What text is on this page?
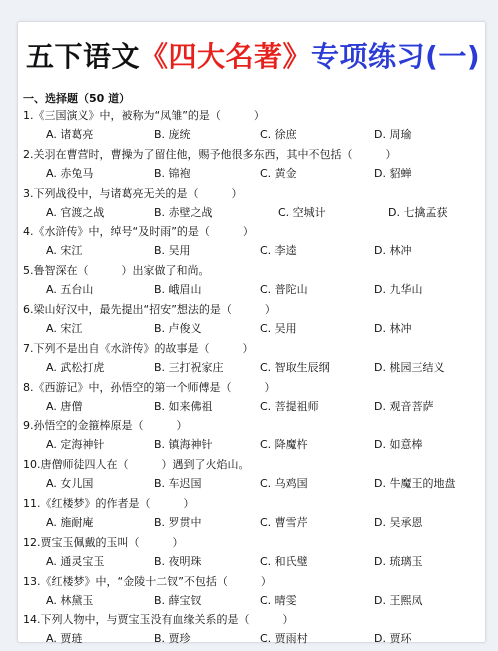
五下语文《四大名著》专项练习(一)
一、选择题（50 道）
1.《三国演义》中，被称为“凤雏”的是（　　　）
A. 诸葛亮	B. 庞统	C. 徐庶	D. 周瑜
2.关羽在曹营时，曹操为了留住他，赐予他很多东西，其中不包括（　　　）
A. 赤兔马	B. 锦袍	C. 黄金	D. 貂蝉
3.下列战役中，与诸葛亮无关的是（　　　）
A. 官渡之战	B. 赤壁之战	C. 空城计	D. 七擒孟获
4.《水浒传》中，绰号“及时雨”的是（　　　）
A. 宋江	B. 吴用	C. 李逵	D. 林冲
5.鲁智深在（　　　）出家做了和尚。
A. 五台山	B. 峨眉山	C. 普陀山	D. 九华山
6.梁山好汉中，最先提出“招安”想法的是（　　　）
A. 宋江	B. 卢俊义	C. 吴用	D. 林冲
7.下列不是出自《水浒传》的故事是（　　　）
A. 武松打虎	B. 三打祝家庄	C. 智取生辰纲	D. 桃园三结义
8.《西游记》中，孙悟空的第一个师傅是（　　　）
A. 唐僧	B. 如来佛祖	C. 菩提祖师	D. 观音菩萨
9.孙悟空的金箍棒原是（　　　）
A. 定海神针	B. 镇海神针	C. 降魔杵	D. 如意棒
10.唐僧师徒四人在（　　　）遇到了火焰山。
A. 女儿国	B. 车迟国	C. 乌鸡国	D. 牛魔王的地盘
11.《红楼梦》的作者是（　　　）
A. 施耐庵	B. 罗贯中	C. 曹雪芹	D. 吴承恩
12.贾宝玉佩戴的玉叫（　　　）
A. 通灵宝玉	B. 夜明珠	C. 和氏璧	D. 琉璃玉
13.《红楼梦》中，“金陵十二钗”不包括（　　　）
A. 林黛玉	B. 薛宝钗	C. 晴雯	D. 王熙凤
14.下列人物中，与贾宝玉没有血缘关系的是（　　　）
A. 贾琏	B. 贾珍	C. 贾雨村	D. 贾环
